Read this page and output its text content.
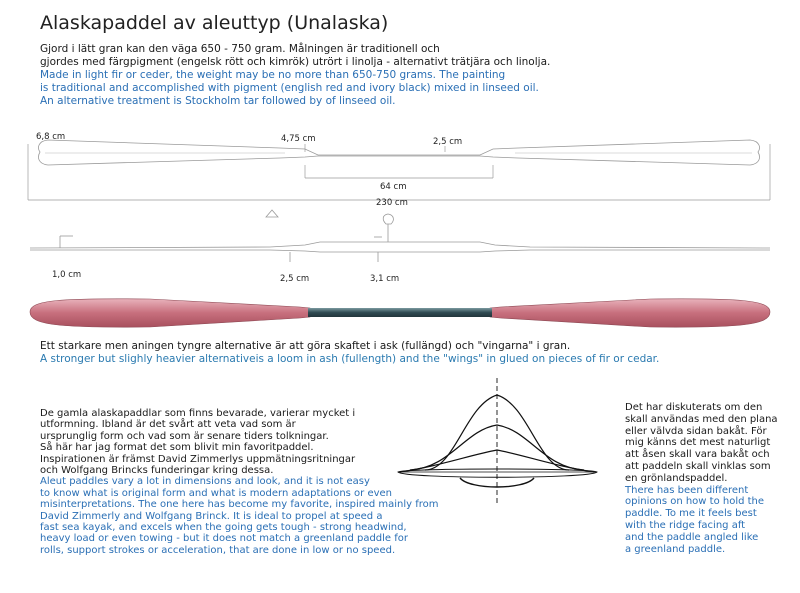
Alaskapaddel av aleuttyp (Unalaska)
Gjord i lätt gran kan den väga 650 - 750 gram. Målningen är traditionell och
gjordes med färgpigment (engelsk rött och kimrök) utrört i linolja - alternativt trätjära och linolja.
Made in light fir or ceder, the weight may be no more than 650-750 grams. The painting
is traditional and accomplished with pigment (english red and ivory black) mixed in linseed oil.
An alternative treatment is Stockholm tar followed by of linseed oil.
6,8 cm	4,75 cm	2,5 cm
64 cm
230 cm
1,0 cm	2,5 cm	3,1 cm
Ett starkare men aningen tyngre alternative är att göra skaftet i ask (fullängd) och "vingarna" i gran.
A stronger but slighly heavier alternativeis a loom in ash (fullength) and the "wings" in glued on pieces of fir or cedar.
De gamla alaskapaddlar som finns bevarade, varierar mycket i
utformning. Ibland är det svårt att veta vad som är
ursprunglig form och vad som är senare tiders tolkningar.
Så här har jag format det som blivit min favoritpaddel.
Inspirationen är främst David Zimmerlys uppmätningsritningar
och Wolfgang Brincks funderingar kring dessa.
Aleut paddles vary a lot in dimensions and look, and it is not easy
to know what is original form and what is modern adaptations or even
misinterpretations. The one here has become my favorite, inspired mainly from
David Zimmerly and Wolfgang Brinck. It is ideal to propel at speed a
fast sea kayak, and excels when the going gets tough - strong headwind,
heavy load or even towing - but it does not match a greenland paddle for
rolls, support strokes or acceleration, that are done in low or no speed.
Det har diskuterats om den
skall användas med den plana
eller välvda sidan bakåt. För
mig känns det mest naturligt
att åsen skall vara bakåt och
att paddeln skall vinklas som
en grönlandspaddel.
There has been different
opinions on how to hold the
paddle. To me it feels best
with the ridge facing aft
and the paddle angled like
a greenland paddle.
